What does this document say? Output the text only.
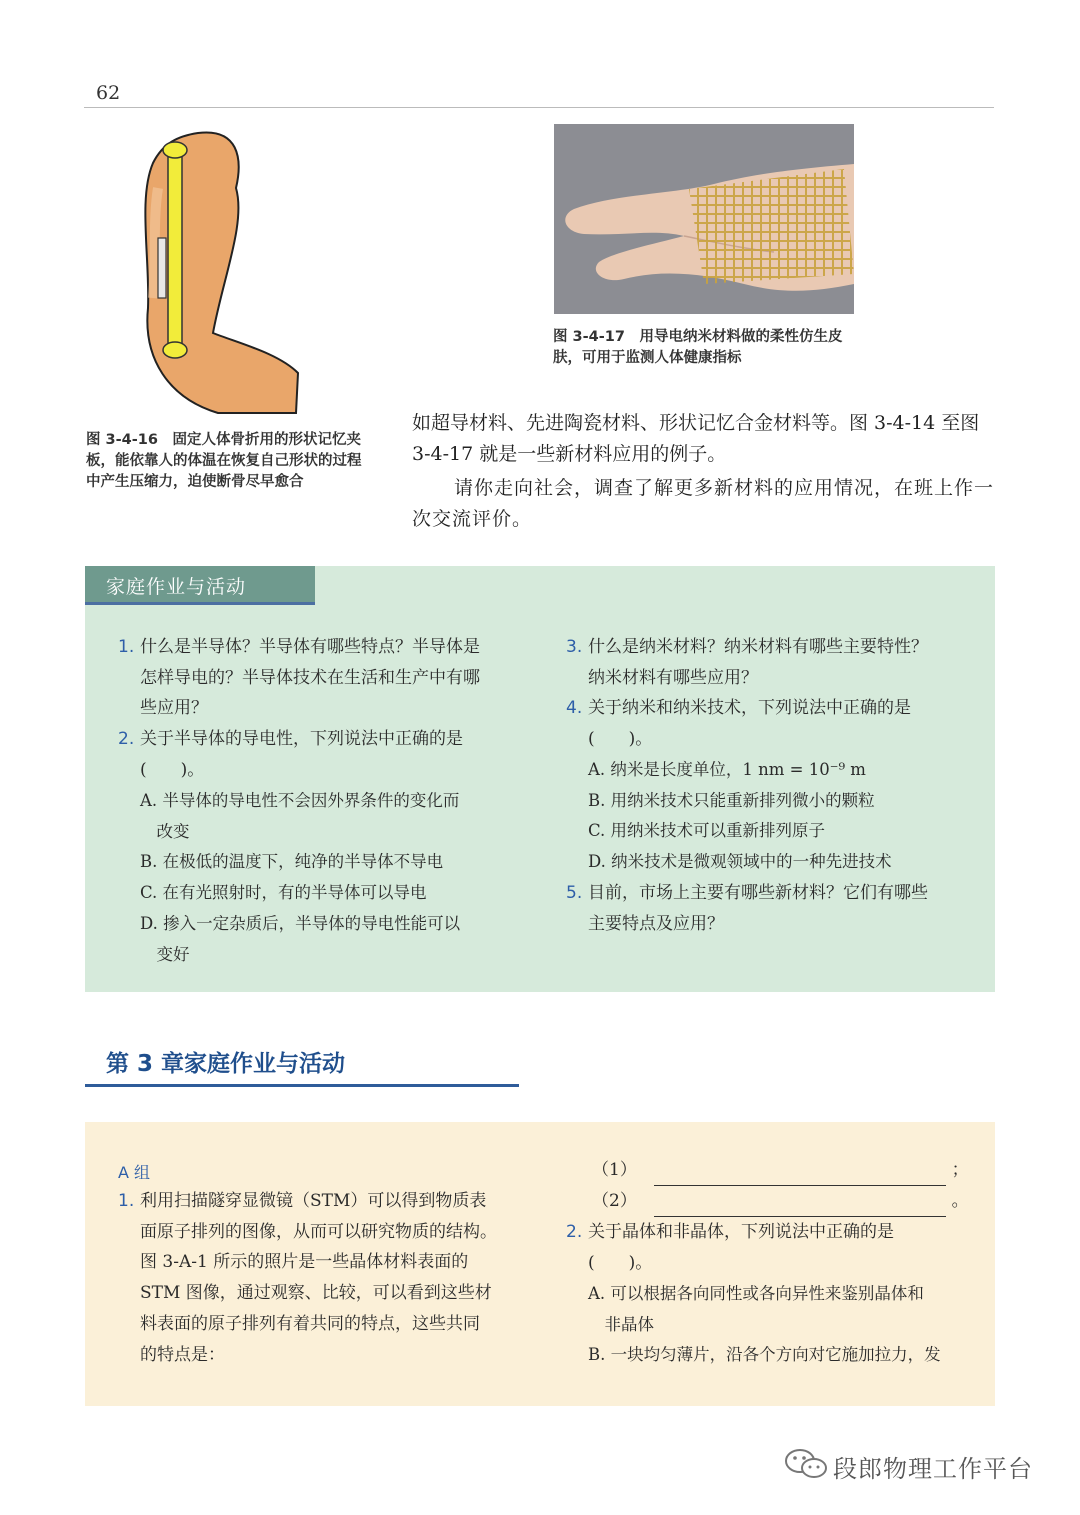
62
图 3-4-16　固定人体骨折用的形状记忆夹板，能依靠人的体温在恢复自己形状的过程中产生压缩力，迫使断骨尽早愈合
图 3-4-17　用导电纳米材料做的柔性仿生皮肤，可用于监测人体健康指标
如超导材料、先进陶瓷材料、形状记忆合金材料等。图 3-4-14 至图 3-4-17 就是一些新材料应用的例子。
请你走向社会，调查了解更多新材料的应用情况，在班上作一次交流评价。
家庭作业与活动
1. 什么是半导体？半导体有哪些特点？半导体是
怎样导电的？半导体技术在生活和生产中有哪
些应用？
2. 关于半导体的导电性，下列说法中正确的是
(　　)。
A. 半导体的导电性不会因外界条件的变化而
　改变
B. 在极低的温度下，纯净的半导体不导电
C. 在有光照射时，有的半导体可以导电
D. 掺入一定杂质后，半导体的导电性能可以
　变好
3. 什么是纳米材料？纳米材料有哪些主要特性？
纳米材料有哪些应用？
4. 关于纳米和纳米技术，下列说法中正确的是
(　　)。
A. 纳米是长度单位，1 nm = 10⁻⁹ m
B. 用纳米技术只能重新排列微小的颗粒
C. 用纳米技术可以重新排列原子
D. 纳米技术是微观领域中的一种先进技术
5. 目前，市场上主要有哪些新材料？它们有哪些
主要特点及应用？
第 3 章家庭作业与活动
A 组
1. 利用扫描隧穿显微镜（STM）可以得到物质表
面原子排列的图像，从而可以研究物质的结构。
图 3-A-1 所示的照片是一些晶体材料表面的
STM 图像，通过观察、比较，可以看到这些材
料表面的原子排列有着共同的特点，这些共同
的特点是：
（1）	；
（2）	。
2. 关于晶体和非晶体，下列说法中正确的是
(　　)。
A. 可以根据各向同性或各向异性来鉴别晶体和
　非晶体
B. 一块均匀薄片，沿各个方向对它施加拉力，发
段郎物理工作平台
